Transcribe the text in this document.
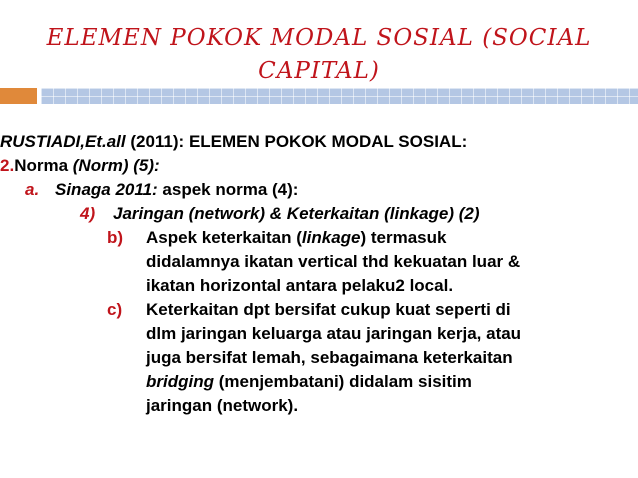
ELEMEN POKOK MODAL SOSIAL (SOCIAL
CAPITAL)
RUSTIADI,Et.all (2011): ELEMEN POKOK MODAL SOSIAL:
2.Norma (Norm) (5):
a. Sinaga 2011: aspek norma (4):
4) Jaringan (network) & Keterkaitan (linkage) (2)
b) Aspek keterkaitan (linkage) termasuk
didalamnya ikatan vertical thd kekuatan luar &
ikatan horizontal antara pelaku2 local.
c) Keterkaitan dpt bersifat cukup kuat seperti di
dlm jaringan keluarga atau jaringan kerja, atau
juga bersifat lemah, sebagaimana keterkaitan
bridging (menjembatani) didalam sisitim
jaringan (network).
